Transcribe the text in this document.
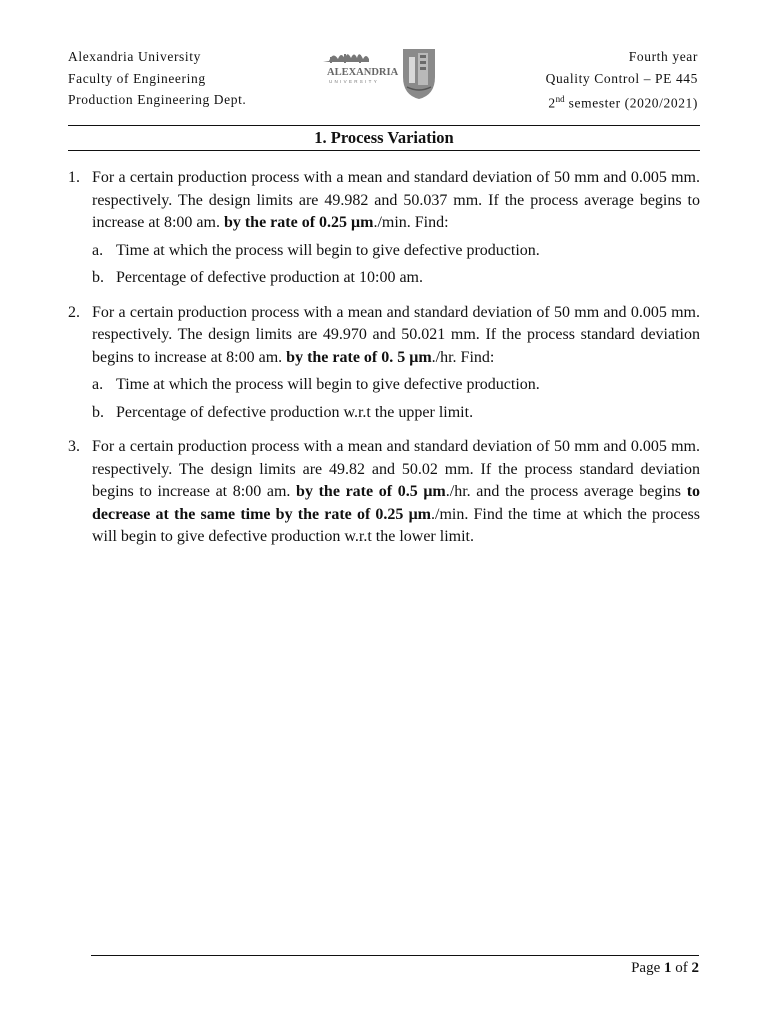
Alexandria University
Faculty of Engineering
Production Engineering Dept.
ALEXANDRIA
UNIVERSITY
Fourth year
Quality Control – PE 445
2nd semester (2020/2021)
1. Process Variation
1. For a certain production process with a mean and standard deviation of 50 mm and 0.005 mm. respectively. The design limits are 49.982 and 50.037 mm. If the process average begins to increase at 8:00 am. by the rate of 0.25 μm./min. Find:
a. Time at which the process will begin to give defective production.
b. Percentage of defective production at 10:00 am.
2. For a certain production process with a mean and standard deviation of 50 mm and 0.005 mm. respectively. The design limits are 49.970 and 50.021 mm. If the process standard deviation begins to increase at 8:00 am. by the rate of 0. 5 μm./hr. Find:
a. Time at which the process will begin to give defective production.
b. Percentage of defective production w.r.t the upper limit.
3. For a certain production process with a mean and standard deviation of 50 mm and 0.005 mm. respectively. The design limits are 49.82 and 50.02 mm. If the process standard deviation begins to increase at 8:00 am. by the rate of 0.5 μm./hr. and the process average begins to decrease at the same time by the rate of 0.25 μm./min. Find the time at which the process will begin to give defective production w.r.t the lower limit.
Page 1 of 2
